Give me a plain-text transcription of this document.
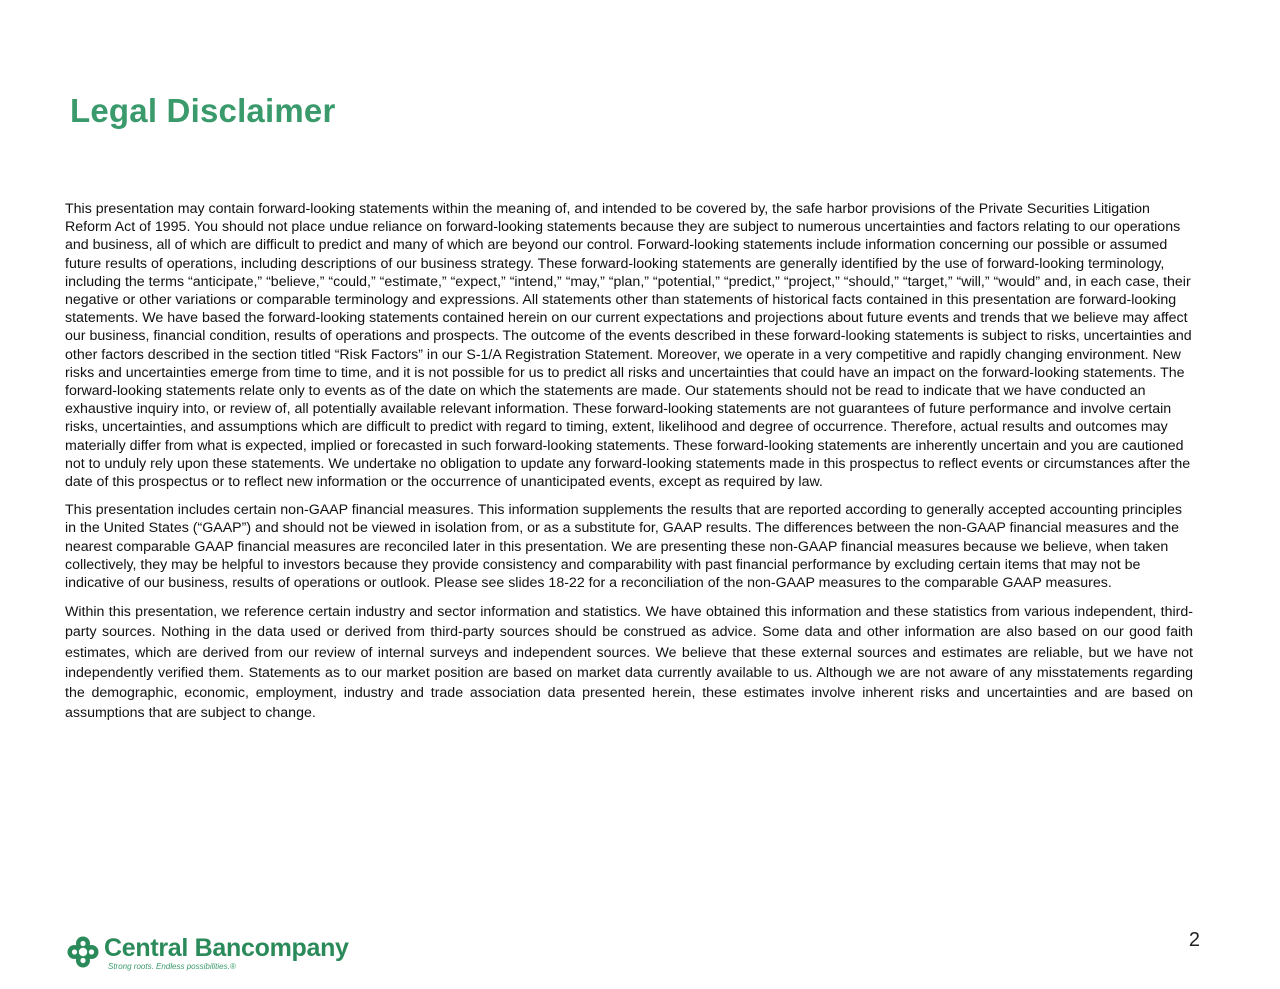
Legal Disclaimer

This presentation may contain forward-looking statements within the meaning of, and intended to be covered by, the safe harbor provisions of the Private Securities Litigation Reform Act of 1995. You should not place undue reliance on forward-looking statements because they are subject to numerous uncertainties and factors relating to our operations and business, all of which are difficult to predict and many of which are beyond our control. Forward-looking statements include information concerning our possible or assumed future results of operations, including descriptions of our business strategy. These forward-looking statements are generally identified by the use of forward-looking terminology, including the terms “anticipate,” “believe,” “could,” “estimate,” “expect,” “intend,” “may,” “plan,” “potential,” “predict,” “project,” “should,” “target,” “will,” “would” and, in each case, their negative or other variations or comparable terminology and expressions. All statements other than statements of historical facts contained in this presentation are forward-looking statements. We have based the forward-looking statements contained herein on our current expectations and projections about future events and trends that we believe may affect our business, financial condition, results of operations and prospects. The outcome of the events described in these forward-looking statements is subject to risks, uncertainties and other factors described in the section titled “Risk Factors” in our S-1/A Registration Statement. Moreover, we operate in a very competitive and rapidly changing environment. New risks and uncertainties emerge from time to time, and it is not possible for us to predict all risks and uncertainties that could have an impact on the forward-looking statements. The forward-looking statements relate only to events as of the date on which the statements are made. Our statements should not be read to indicate that we have conducted an exhaustive inquiry into, or review of, all potentially available relevant information. These forward-looking statements are not guarantees of future performance and involve certain risks, uncertainties, and assumptions which are difficult to predict with regard to timing, extent, likelihood and degree of occurrence. Therefore, actual results and outcomes may materially differ from what is expected, implied or forecasted in such forward-looking statements. These forward-looking statements are inherently uncertain and you are cautioned not to unduly rely upon these statements. We undertake no obligation to update any forward-looking statements made in this prospectus to reflect events or circumstances after the date of this prospectus or to reflect new information or the occurrence of unanticipated events, except as required by law.

This presentation includes certain non-GAAP financial measures. This information supplements the results that are reported according to generally accepted accounting principles in the United States (“GAAP”) and should not be viewed in isolation from, or as a substitute for, GAAP results. The differences between the non-GAAP financial measures and the nearest comparable GAAP financial measures are reconciled later in this presentation. We are presenting these non-GAAP financial measures because we believe, when taken collectively, they may be helpful to investors because they provide consistency and comparability with past financial performance by excluding certain items that may not be indicative of our business, results of operations or outlook. Please see slides 18-22 for a reconciliation of the non-GAAP measures to the comparable GAAP measures.

Within this presentation, we reference certain industry and sector information and statistics. We have obtained this information and these statistics from various independent, third-party sources. Nothing in the data used or derived from third-party sources should be construed as advice. Some data and other information are also based on our good faith estimates, which are derived from our review of internal surveys and independent sources. We believe that these external sources and estimates are reliable, but we have not independently verified them. Statements as to our market position are based on market data currently available to us. Although we are not aware of any misstatements regarding the demographic, economic, employment, industry and trade association data presented herein, these estimates involve inherent risks and uncertainties and are based on assumptions that are subject to change.

Central Bancompany
Strong roots. Endless possibilities.®
2
